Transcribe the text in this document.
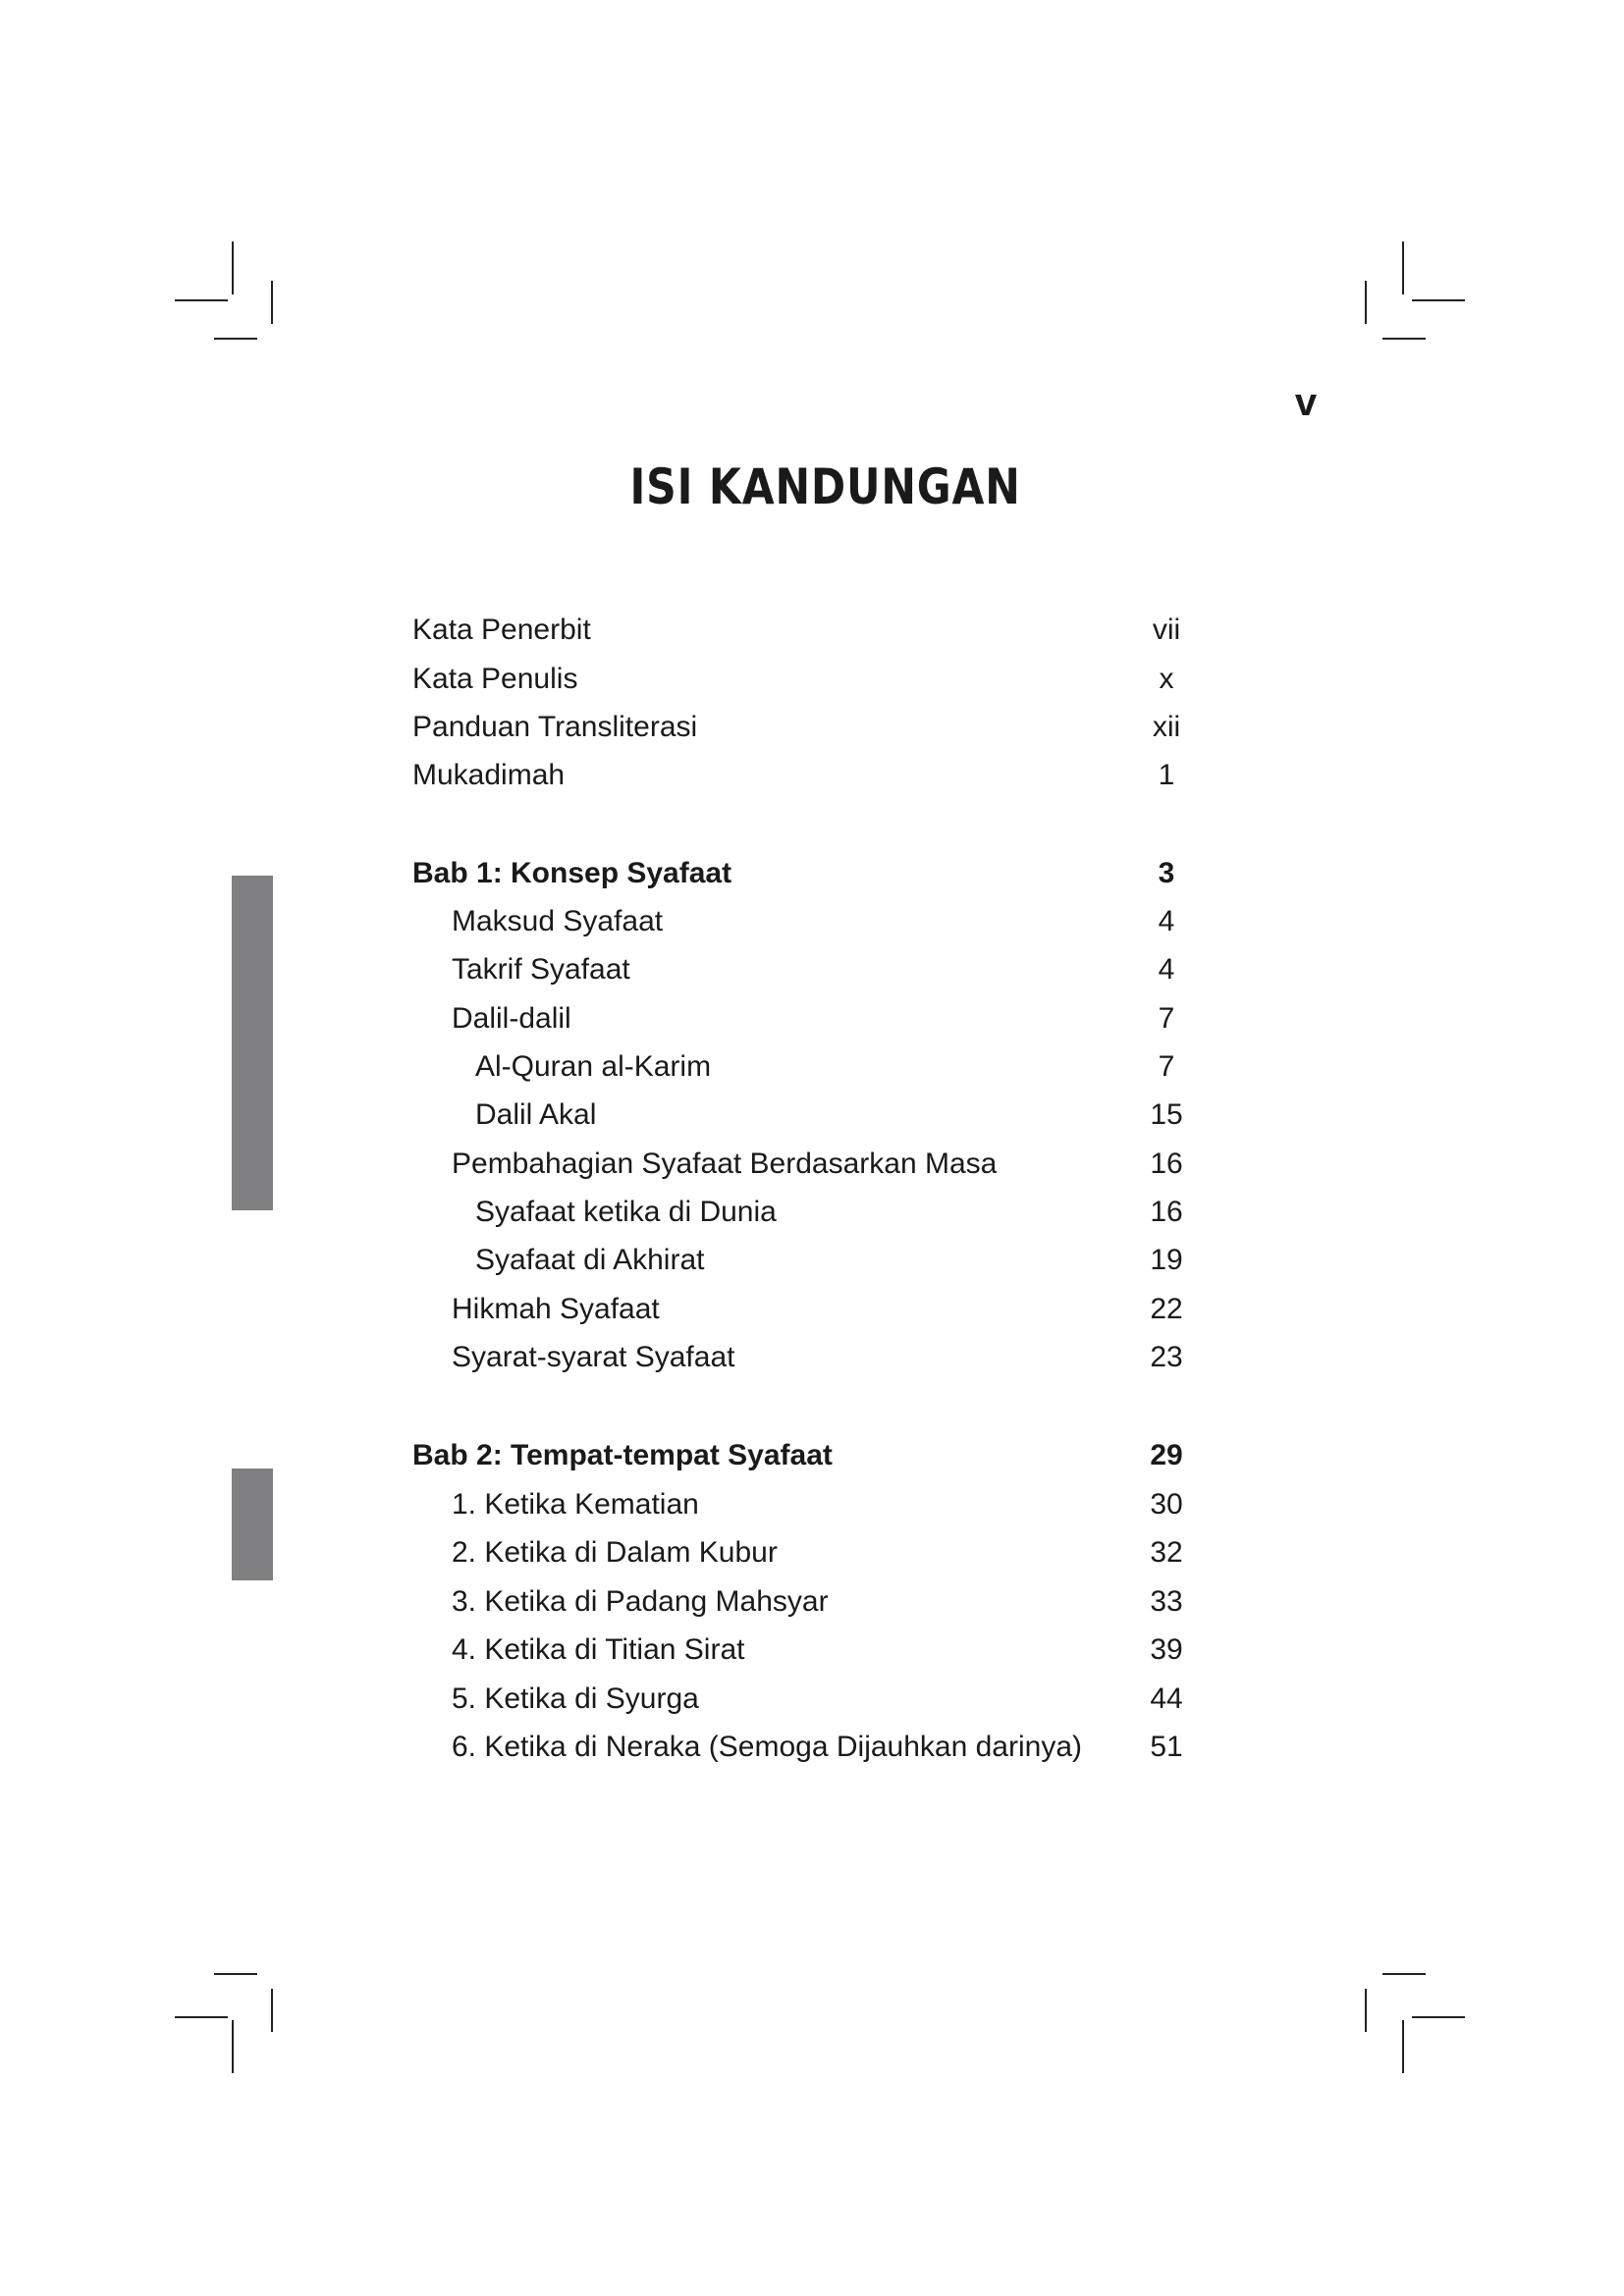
v
ISI KANDUNGAN
Kata Penerbit	vii
Kata Penulis	x
Panduan Transliterasi	xii
Mukadimah	1
Bab 1: Konsep Syafaat	3
Maksud Syafaat	4
Takrif Syafaat	4
Dalil-dalil	7
Al-Quran al-Karim	7
Dalil Akal	15
Pembahagian Syafaat Berdasarkan Masa	16
Syafaat ketika di Dunia	16
Syafaat di Akhirat	19
Hikmah Syafaat	22
Syarat-syarat Syafaat	23
Bab 2: Tempat-tempat Syafaat	29
1. Ketika Kematian	30
2. Ketika di Dalam Kubur	32
3. Ketika di Padang Mahsyar	33
4. Ketika di Titian Sirat	39
5. Ketika di Syurga	44
6. Ketika di Neraka (Semoga Dijauhkan darinya)	51
